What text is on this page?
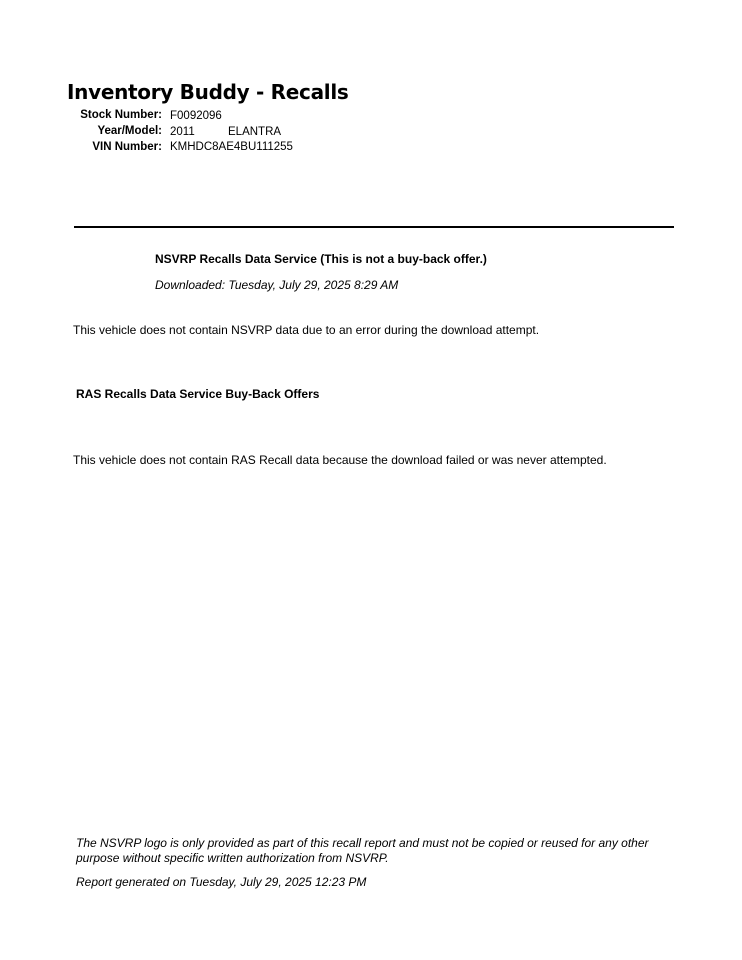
Inventory Buddy - Recalls
Stock Number: F0092096
Year/Model: 2011	ELANTRA
VIN Number: KMHDC8AE4BU111255
NSVRP Recalls Data Service (This is not a buy-back offer.)
Downloaded: Tuesday, July 29, 2025 8:29 AM
This vehicle does not contain NSVRP data due to an error during the download attempt.
RAS Recalls Data Service Buy-Back Offers
This vehicle does not contain RAS Recall data because the download failed or was never attempted.
The NSVRP logo is only provided as part of this recall report and must not be copied or reused for any other purpose without specific written authorization from NSVRP.
Report generated on Tuesday, July 29, 2025 12:23 PM
